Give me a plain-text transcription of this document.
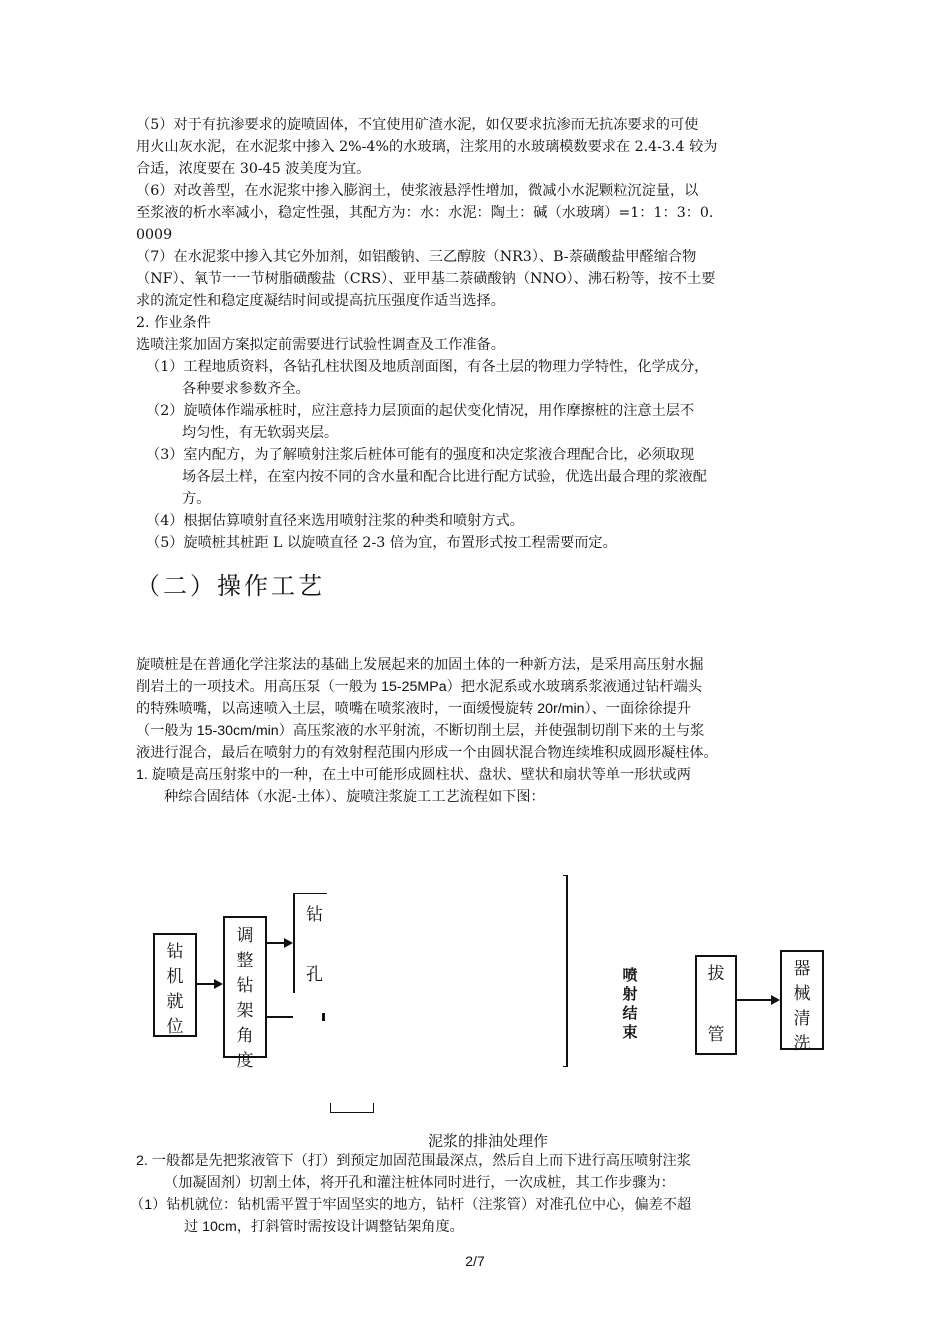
（5）对于有抗渗要求的旋喷固体，不宜使用矿渣水泥，如仅要求抗渗而无抗冻要求的可使
用火山灰水泥，在水泥浆中掺入 2%-4%的水玻璃，注浆用的水玻璃模数要求在 2.4-3.4 较为
合适，浓度要在 30-45 波美度为宜。
（6）对改善型，在水泥浆中掺入膨润土，使浆液悬浮性增加，微减小水泥颗粒沉淀量，以
至浆液的析水率减小，稳定性强，其配方为：水：水泥：陶土：碱（水玻璃）=1：1：3：0.
0009
（7）在水泥浆中掺入其它外加剂，如铝酸钠、三乙醇胺（NR3）、B-萘磺酸盐甲醛缩合物
（NF）、氧节一一节树脂磺酸盐（CRS）、亚甲基二萘磺酸钠（NNO）、沸石粉等，按不土要
求的流定性和稳定度凝结时间或提高抗压强度作适当选择。
2. 作业条件
选喷注浆加固方案拟定前需要进行试验性调查及工作准备。
（1）工程地质资料，各钻孔柱状图及地质剖面图，有各土层的物理力学特性，化学成分，
各种要求参数齐全。
（2）旋喷体作端承桩时，应注意持力层顶面的起伏变化情况，用作摩擦桩的注意土层不
均匀性，有无软弱夹层。
（3）室内配方，为了解喷射注浆后桩体可能有的强度和决定浆液合理配合比，必须取现
场各层土样，在室内按不同的含水量和配合比进行配方试验，优选出最合理的浆液配
方。
（4）根据估算喷射直径来选用喷射注浆的种类和喷射方式。
（5）旋喷桩其桩距 L 以旋喷直径 2-3 倍为宜，布置形式按工程需要而定。
（二）操作工艺
旋喷桩是在普通化学注浆法的基础上发展起来的加固土体的一种新方法，是采用高压射水掘
削岩土的一项技术。用高压泵（一般为 15-25MPa）把水泥系或水玻璃系浆液通过钻杆端头
的特殊喷嘴，以高速喷入土层，喷嘴在喷浆液时，一面缓慢旋转 20r/min）、一面徐徐提升
（一般为 15-30cm/min）高压浆液的水平射流，不断切削土层，并使强制切削下来的土与浆
液进行混合，最后在喷射力的有效射程范围内形成一个由圆状混合物连续堆积成圆形凝柱体。
1. 旋喷是高压射浆中的一种，在土中可能形成圆柱状、盘状、壁状和扇状等单一形状或两
种综合固结体（水泥-土体）、旋喷注浆旋工工艺流程如下图：
钻机就位
调整钻架角度
钻
孔	喷射结束
拔
管
器械清洗
泥浆的排油处理作
2. 一般都是先把浆液管下（打）到预定加固范围最深点，然后自上而下进行高压喷射注浆
（加凝固剂）切割土体，将开孔和灌注桩体同时进行，一次成桩，其工作步骤为：
（1）钻机就位：钻机需平置于牢固坚实的地方，钻杆（注浆管）对准孔位中心，偏差不超
过 10cm，打斜管时需按设计调整钻架角度。
2/7
